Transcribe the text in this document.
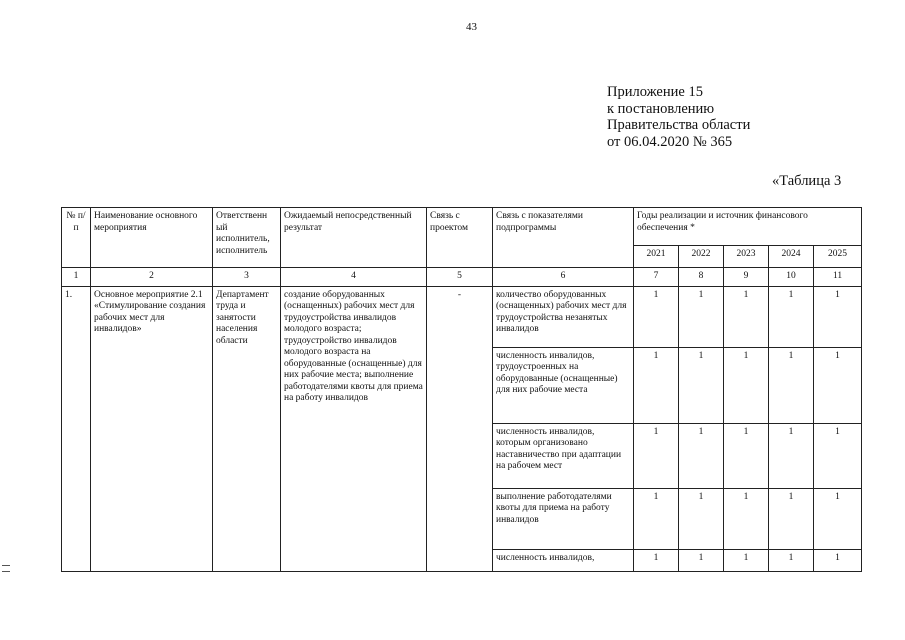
43
Приложение 15
к постановлению
Правительства области
от 06.04.2020 № 365
«Таблица 3
№ п/п	Наименование основного мероприятия	Ответственн ый исполнитель, исполнитель	Ожидаемый непосредственный результат	Связь с проектом	Связь с показателями подпрограммы	Годы реализации и источник финансового обеспечения *				
						2021	2022	2023	2024	2025
1	2	3	4	5	6	7	8	9	10	11
1.	Основное мероприятие 2.1 «Стимулирование создания рабочих мест для инвалидов»	Департамент труда и занятости населения области	создание оборудованных (оснащенных) рабочих мест для трудоустройства инвалидов молодого возраста; трудоустройство инвалидов молодого возраста на оборудованные (оснащенные) для них рабочие места; выполнение работодателями квоты для приема на работу инвалидов	-	количество оборудованных (оснащенных) рабочих мест для трудоустройства незанятых инвалидов	1	1	1	1	1
					численность инвалидов, трудоустроенных на оборудованные (оснащенные) для них рабочие места	1	1	1	1	1
					численность инвалидов, которым организовано наставничество при адаптации на рабочем мест	1	1	1	1	1
					выполнение работодателями квоты для приема на работу инвалидов	1	1	1	1	1
					численность инвалидов,	1	1	1	1	1
